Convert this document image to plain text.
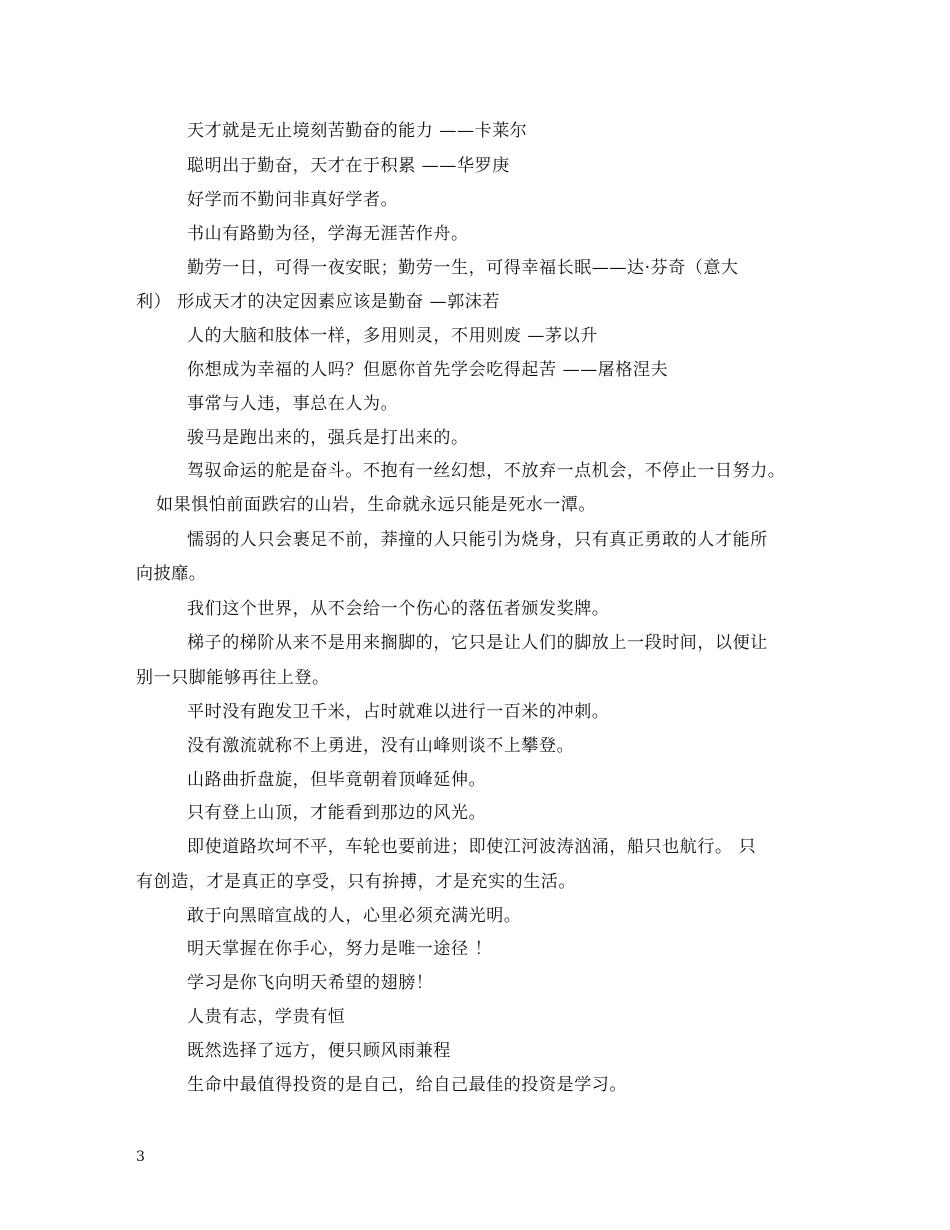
天才就是无止境刻苦勤奋的能力 ——卡莱尔
聪明出于勤奋，天才在于积累 ——华罗庚
好学而不勤问非真好学者。
书山有路勤为径，学海无涯苦作舟。
勤劳一日，可得一夜安眠；勤劳一生，可得幸福长眠——达·芬奇（意大
利） 形成天才的决定因素应该是勤奋 —郭沫若
人的大脑和肢体一样，多用则灵，不用则废 —茅以升
你想成为幸福的人吗？但愿你首先学会吃得起苦 ——屠格涅夫
事常与人违，事总在人为。
骏马是跑出来的，强兵是打出来的。
驾驭命运的舵是奋斗。不抱有一丝幻想，不放弃一点机会，不停止一日努力。
如果惧怕前面跌宕的山岩，生命就永远只能是死水一潭。
懦弱的人只会裹足不前，莽撞的人只能引为烧身，只有真正勇敢的人才能所
向披靡。
我们这个世界，从不会给一个伤心的落伍者颁发奖牌。
梯子的梯阶从来不是用来搁脚的，它只是让人们的脚放上一段时间，以便让
别一只脚能够再往上登。
平时没有跑发卫千米，占时就难以进行一百米的冲刺。
没有激流就称不上勇进，没有山峰则谈不上攀登。
山路曲折盘旋，但毕竟朝着顶峰延伸。
只有登上山顶，才能看到那边的风光。
即使道路坎坷不平，车轮也要前进；即使江河波涛汹涌，船只也航行。 只
有创造，才是真正的享受，只有拚搏，才是充实的生活。
敢于向黑暗宣战的人，心里必须充满光明。
明天掌握在你手心，努力是唯一途径 ！
学习是你飞向明天希望的翅膀！
人贵有志，学贵有恒
既然选择了远方，便只顾风雨兼程
生命中最值得投资的是自己，给自己最佳的投资是学习。
3
